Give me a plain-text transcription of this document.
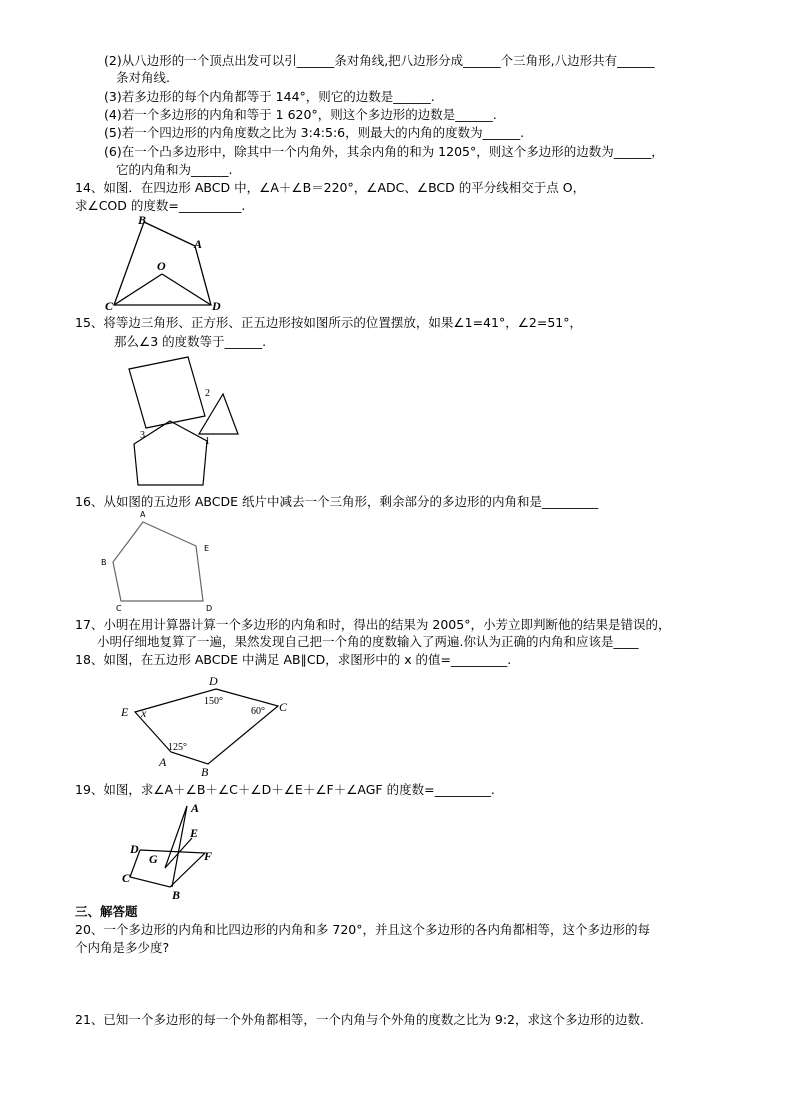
(2)从八边形的一个顶点出发可以引______条对角线,把八边形分成______个三角形,八边形共有______
条对角线.
(3)若多边形的每个内角都等于 144°，则它的边数是______.
(4)若一个多边形的内角和等于 1 620°，则这个多边形的边数是______.
(5)若一个四边形的内角度数之比为 3:4:5:6，则最大的内角的度数为______.
(6)在一个凸多边形中，除其中一个内角外，其余内角的和为 1205°，则这个多边形的边数为______，
它的内角和为______.
14、如图．在四边形 ABCD 中，∠A＋∠B＝220°，∠ADC、∠BCD 的平分线相交于点 O，
求∠COD 的度数=__________.
B
A
O
C	D
15、将等边三角形、正方形、正五边形按如图所示的位置摆放，如果∠1=41°，∠2=51°，
那么∠3 的度数等于______.
2
1
3
16、从如图的五边形 ABCDE 纸片中减去一个三角形，剩余部分的多边形的内角和是_________
A
E
B
C	D
17、小明在用计算器计算一个多边形的内角和时，得出的结果为 2005°，小芳立即判断他的结果是错误的，
小明仔细地复算了一遍，果然发现自己把一个角的度数输入了两遍.你认为正确的内角和应该是____
18、如图，在五边形 ABCDE 中满足 AB∥CD，求图形中的 x 的值=_________.
D
C
E x
A
B
150°
60°
125°
19、如图，求∠A＋∠B＋∠C＋∠D＋∠E＋∠F＋∠AGF 的度数=_________.
A
E
D	F
G
C
B
三、解答题
20、一个多边形的内角和比四边形的内角和多 720°，并且这个多边形的各内角都相等，这个多边形的每
个内角是多少度?
21、已知一个多边形的每一个外角都相等，一个内角与个外角的度数之比为 9:2，求这个多边形的边数.
